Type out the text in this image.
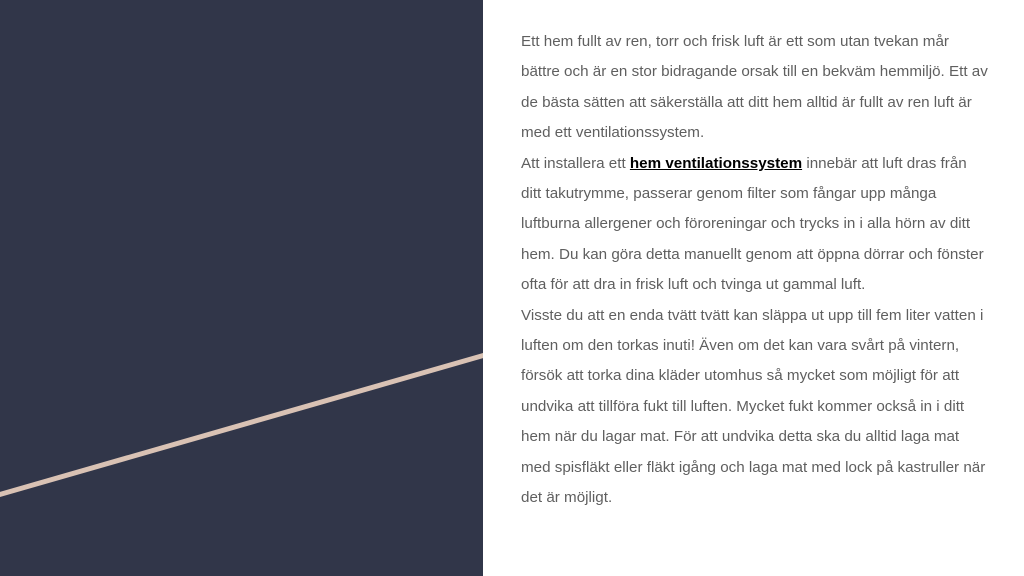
Ett hem fullt av ren, torr och frisk luft är ett som utan tvekan mår bättre och är en stor bidragande orsak till en bekväm hemmiljö. Ett av de bästa sätten att säkerställa att ditt hem alltid är fullt av ren luft är med ett ventilationssystem.

Att installera ett hem ventilationssystem innebär att luft dras från ditt takutrymme, passerar genom filter som fångar upp många luftburna allergener och föroreningar och trycks in i alla hörn av ditt hem. Du kan göra detta manuellt genom att öppna dörrar och fönster ofta för att dra in frisk luft och tvinga ut gammal luft.

Visste du att en enda tvätt tvätt kan släppa ut upp till fem liter vatten i luften om den torkas inuti! Även om det kan vara svårt på vintern, försök att torka dina kläder utomhus så mycket som möjligt för att undvika att tillföra fukt till luften. Mycket fukt kommer också in i ditt hem när du lagar mat. För att undvika detta ska du alltid laga mat med spisfläkt eller fläkt igång och laga mat med lock på kastruller när det är möjligt.
